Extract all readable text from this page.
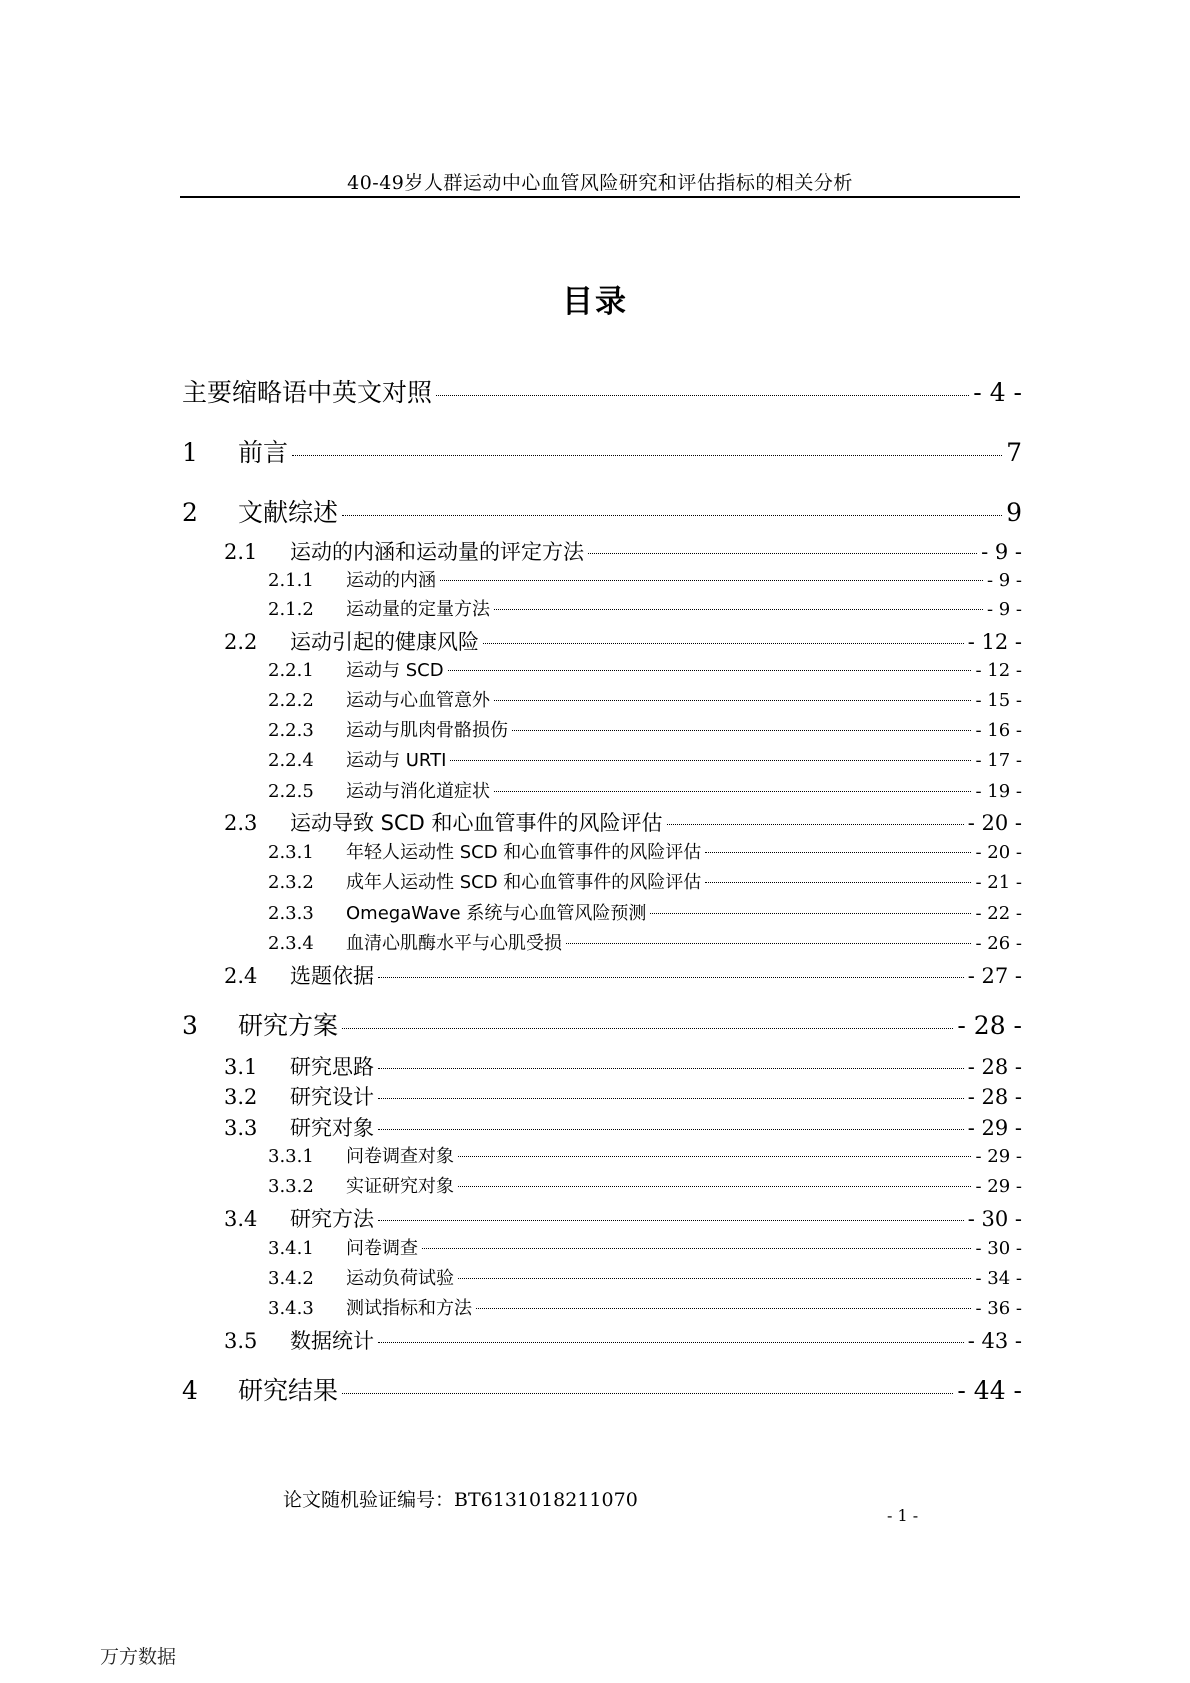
40-49岁人群运动中心血管风险研究和评估指标的相关分析
目录
主要缩略语中英文对照	- 4 -
1	前言	7
2	文献综述	9
2.1	运动的内涵和运动量的评定方法	- 9 -
2.1.1	运动的内涵	- 9 -
2.1.2	运动量的定量方法	- 9 -
2.2	运动引起的健康风险	- 12 -
2.2.1	运动与 SCD	- 12 -
2.2.2	运动与心血管意外	- 15 -
2.2.3	运动与肌肉骨骼损伤	- 16 -
2.2.4	运动与 URTI	- 17 -
2.2.5	运动与消化道症状	- 19 -
2.3	运动导致 SCD 和心血管事件的风险评估	- 20 -
2.3.1	年轻人运动性 SCD 和心血管事件的风险评估	- 20 -
2.3.2	成年人运动性 SCD 和心血管事件的风险评估	- 21 -
2.3.3	OmegaWave 系统与心血管风险预测	- 22 -
2.3.4	血清心肌酶水平与心肌受损	- 26 -
2.4	选题依据	- 27 -
3	研究方案	- 28 -
3.1	研究思路	- 28 -
3.2	研究设计	- 28 -
3.3	研究对象	- 29 -
3.3.1	问卷调查对象	- 29 -
3.3.2	实证研究对象	- 29 -
3.4	研究方法	- 30 -
3.4.1	问卷调查	- 30 -
3.4.2	运动负荷试验	- 34 -
3.4.3	测试指标和方法	- 36 -
3.5	数据统计	- 43 -
4	研究结果	- 44 -
论文随机验证编号：BT6131018211070
- 1 -
万方数据
